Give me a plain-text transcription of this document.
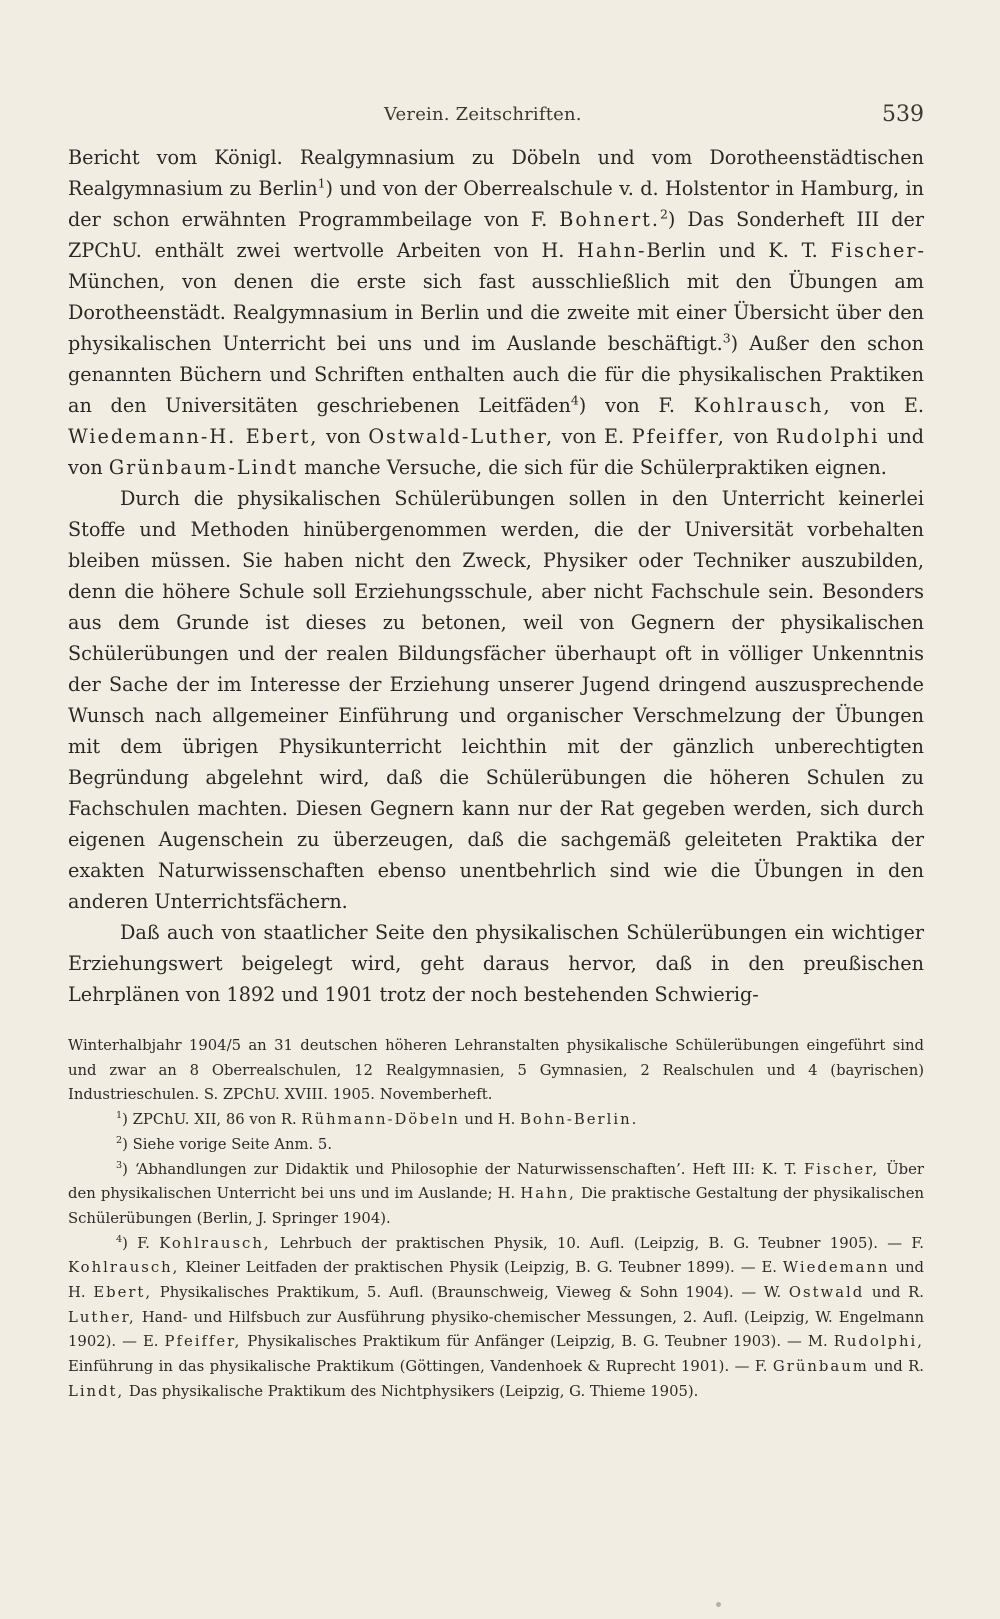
Verein. Zeitschriften.	539

Bericht vom Königl. Realgymnasium zu Döbeln und vom Dorotheenstädtischen Realgymnasium zu Berlin$^1$) und von der Oberrealschule v. d. Holstentor in Hamburg, in der schon erwähnten Programmbeilage von F. Bohnert.$^2$) Das Sonderheft III der ZPChU. enthält zwei wertvolle Arbeiten von H. Hahn-Berlin und K. T. Fischer-München, von denen die erste sich fast ausschließlich mit den Übungen am Dorotheenstädt. Realgymnasium in Berlin und die zweite mit einer Übersicht über den physikalischen Unterricht bei uns und im Auslande beschäftigt.$^3$) Außer den schon genannten Büchern und Schriften enthalten auch die für die physikalischen Praktiken an den Universitäten geschriebenen Leitfäden$^4$) von F. Kohlrausch, von E. Wiedemann-H. Ebert, von Ostwald-Luther, von E. Pfeiffer, von Rudolphi und von Grünbaum-Lindt manche Versuche, die sich für die Schülerpraktiken eignen.

Durch die physikalischen Schülerübungen sollen in den Unterricht keinerlei Stoffe und Methoden hinübergenommen werden, die der Universität vorbehalten bleiben müssen. Sie haben nicht den Zweck, Physiker oder Techniker auszubilden, denn die höhere Schule soll Erziehungsschule, aber nicht Fachschule sein. Besonders aus dem Grunde ist dieses zu betonen, weil von Gegnern der physikalischen Schülerübungen und der realen Bildungsfächer überhaupt oft in völliger Unkenntnis der Sache der im Interesse der Erziehung unserer Jugend dringend auszusprechende Wunsch nach allgemeiner Einführung und organischer Verschmelzung der Übungen mit dem übrigen Physikunterricht leichthin mit der gänzlich unberechtigten Begründung abgelehnt wird, daß die Schülerübungen die höheren Schulen zu Fachschulen machten. Diesen Gegnern kann nur der Rat gegeben werden, sich durch eigenen Augenschein zu überzeugen, daß die sachgemäß geleiteten Praktika der exakten Naturwissenschaften ebenso unentbehrlich sind wie die Übungen in den anderen Unterrichtsfächern.

Daß auch von staatlicher Seite den physikalischen Schülerübungen ein wichtiger Erziehungswert beigelegt wird, geht daraus hervor, daß in den preußischen Lehrplänen von 1892 und 1901 trotz der noch bestehenden Schwierig-

Winterhalbjahr 1904/5 an 31 deutschen höheren Lehranstalten physikalische Schülerübungen eingeführt sind und zwar an 8 Oberrealschulen, 12 Realgymnasien, 5 Gymnasien, 2 Realschulen und 4 (bayrischen) Industrieschulen. S. ZPChU. XVIII. 1905. Novemberheft.

$^1$) ZPChU. XII, 86 von R. Rühmann-Döbeln und H. Bohn-Berlin.

$^2$) Siehe vorige Seite Anm. 5.

$^3$) ‘Abhandlungen zur Didaktik und Philosophie der Naturwissenschaften’. Heft III: K. T. Fischer, Über den physikalischen Unterricht bei uns und im Auslande; H. Hahn, Die praktische Gestaltung der physikalischen Schülerübungen (Berlin, J. Springer 1904).

$^4$) F. Kohlrausch, Lehrbuch der praktischen Physik, 10. Aufl. (Leipzig, B. G. Teubner 1905). — F. Kohlrausch, Kleiner Leitfaden der praktischen Physik (Leipzig, B. G. Teubner 1899). — E. Wiedemann und H. Ebert, Physikalisches Praktikum, 5. Aufl. (Braunschweig, Vieweg & Sohn 1904). — W. Ostwald und R. Luther, Hand- und Hilfsbuch zur Ausführung physiko-chemischer Messungen, 2. Aufl. (Leipzig, W. Engelmann 1902). — E. Pfeiffer, Physikalisches Praktikum für Anfänger (Leipzig, B. G. Teubner 1903). — M. Rudolphi, Einführung in das physikalische Praktikum (Göttingen, Vandenhoek & Ruprecht 1901). — F. Grünbaum und R. Lindt, Das physikalische Praktikum des Nichtphysikers (Leipzig, G. Thieme 1905).
